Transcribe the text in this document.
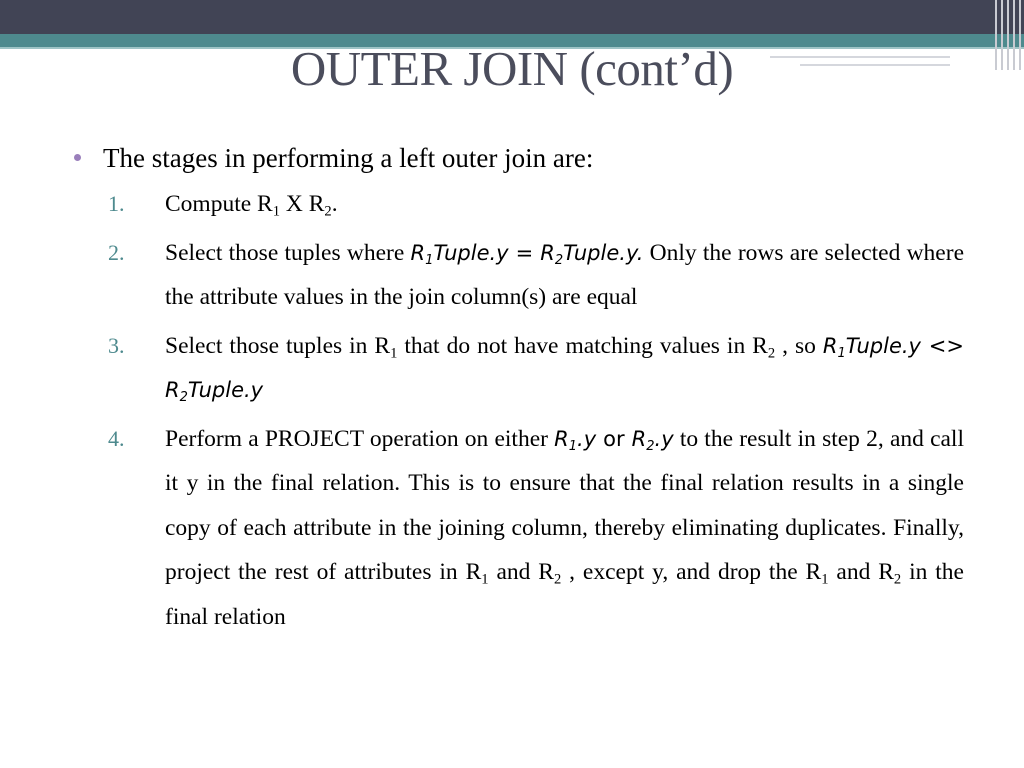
OUTER JOIN (cont’d)
The stages in performing a left outer join are:
1. Compute $R_1$ X $R_2$.
2. Select those tuples where $R_1Tuple.y$ = $R_2Tuple.y$. Only the rows are selected where the attribute values in the join column(s) are equal
3. Select those tuples in $R_1$ that do not have matching values in $R_2$ , so $R_1Tuple.y$ <> $R_2Tuple.y$
4. Perform a PROJECT operation on either $R_1.y$ or $R_2.y$ to the result in step 2, and call it y in the final relation. This is to ensure that the final relation results in a single copy of each attribute in the joining column, thereby eliminating duplicates. Finally, project the rest of attributes in $R_1$ and $R_2$ , except y, and drop the $R_1$ and $R_2$ in the final relation
